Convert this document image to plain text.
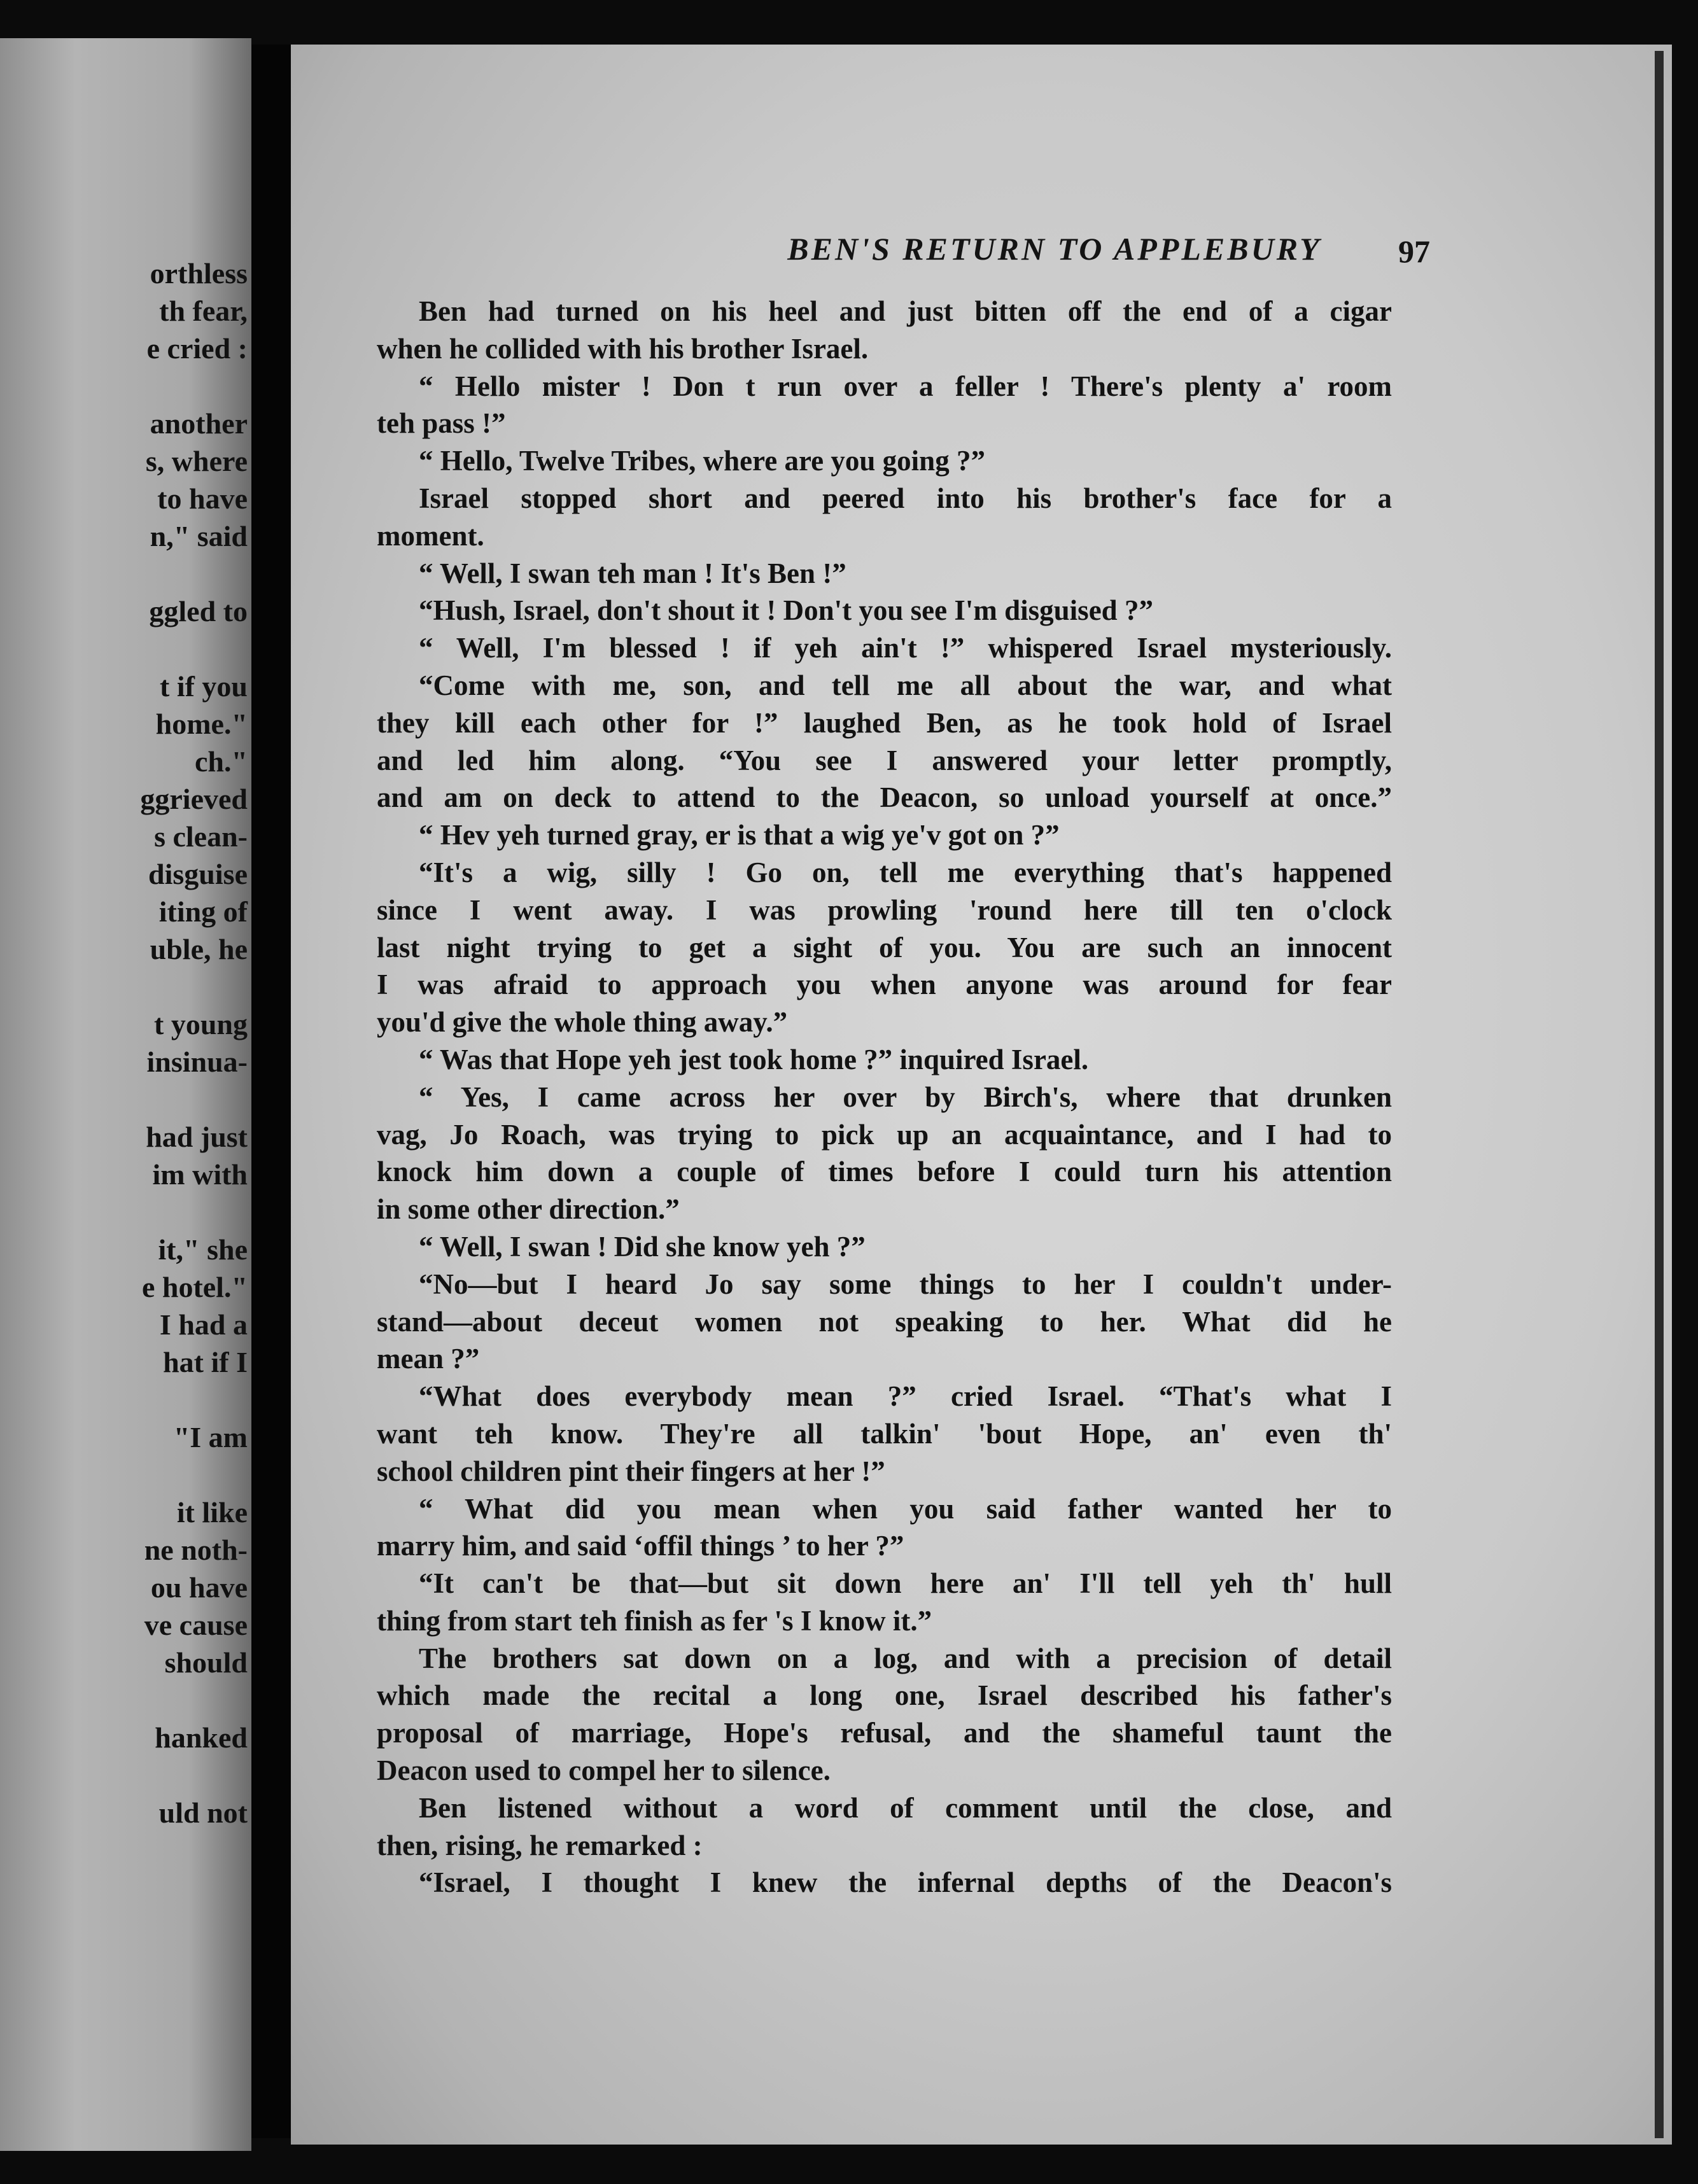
orthless
th fear,
e cried :
another
s, where
to have
n," said
ggled to
t if you
home."
ch."
ggrieved
s clean-
disguise
iting of
uble, he
t young
insinua-
had just
im with
it," she
e hotel."
I had a
hat if I
"I am
it like
ne noth-
ou have
ve cause
should
hanked
uld not
BEN'S RETURN TO APPLEBURY	97
Ben had turned on his heel and just bitten off the end of a cigar
when he collided with his brother Israel.
“ Hello mister ! Don t run over a feller ! There's plenty a' room
teh pass !”
“ Hello, Twelve Tribes, where are you going ?”
Israel stopped short and peered into his brother's face for a
moment.
“ Well, I swan teh man ! It's Ben !”
“Hush, Israel, don't shout it ! Don't you see I'm disguised ?”
“ Well, I'm blessed ! if yeh ain't !” whispered Israel mysteriously.
“Come with me, son, and tell me all about the war, and what
they kill each other for !” laughed Ben, as he took hold of Israel
and led him along. “You see I answered your letter promptly,
and am on deck to attend to the Deacon, so unload yourself at once.”
“ Hev yeh turned gray, er is that a wig ye'v got on ?”
“It's a wig, silly ! Go on, tell me everything that's happened
since I went away. I was prowling 'round here till ten o'clock
last night trying to get a sight of you. You are such an innocent
I was afraid to approach you when anyone was around for fear
you'd give the whole thing away.”
“ Was that Hope yeh jest took home ?” inquired Israel.
“ Yes, I came across her over by Birch's, where that drunken
vag, Jo Roach, was trying to pick up an acquaintance, and I had to
knock him down a couple of times before I could turn his attention
in some other direction.”
“ Well, I swan ! Did she know yeh ?”
“No—but I heard Jo say some things to her I couldn't under-
stand—about deceut women not speaking to her. What did he
mean ?”
“What does everybody mean ?” cried Israel. “That's what I
want teh know. They're all talkin' 'bout Hope, an' even th'
school children pint their fingers at her !”
“ What did you mean when you said father wanted her to
marry him, and said ‘offil things ’ to her ?”
“It can't be that—but sit down here an' I'll tell yeh th' hull
thing from start teh finish as fer 's I know it.”
The brothers sat down on a log, and with a precision of detail
which made the recital a long one, Israel described his father's
proposal of marriage, Hope's refusal, and the shameful taunt the
Deacon used to compel her to silence.
Ben listened without a word of comment until the close, and
then, rising, he remarked :
“Israel, I thought I knew the infernal depths of the Deacon's
